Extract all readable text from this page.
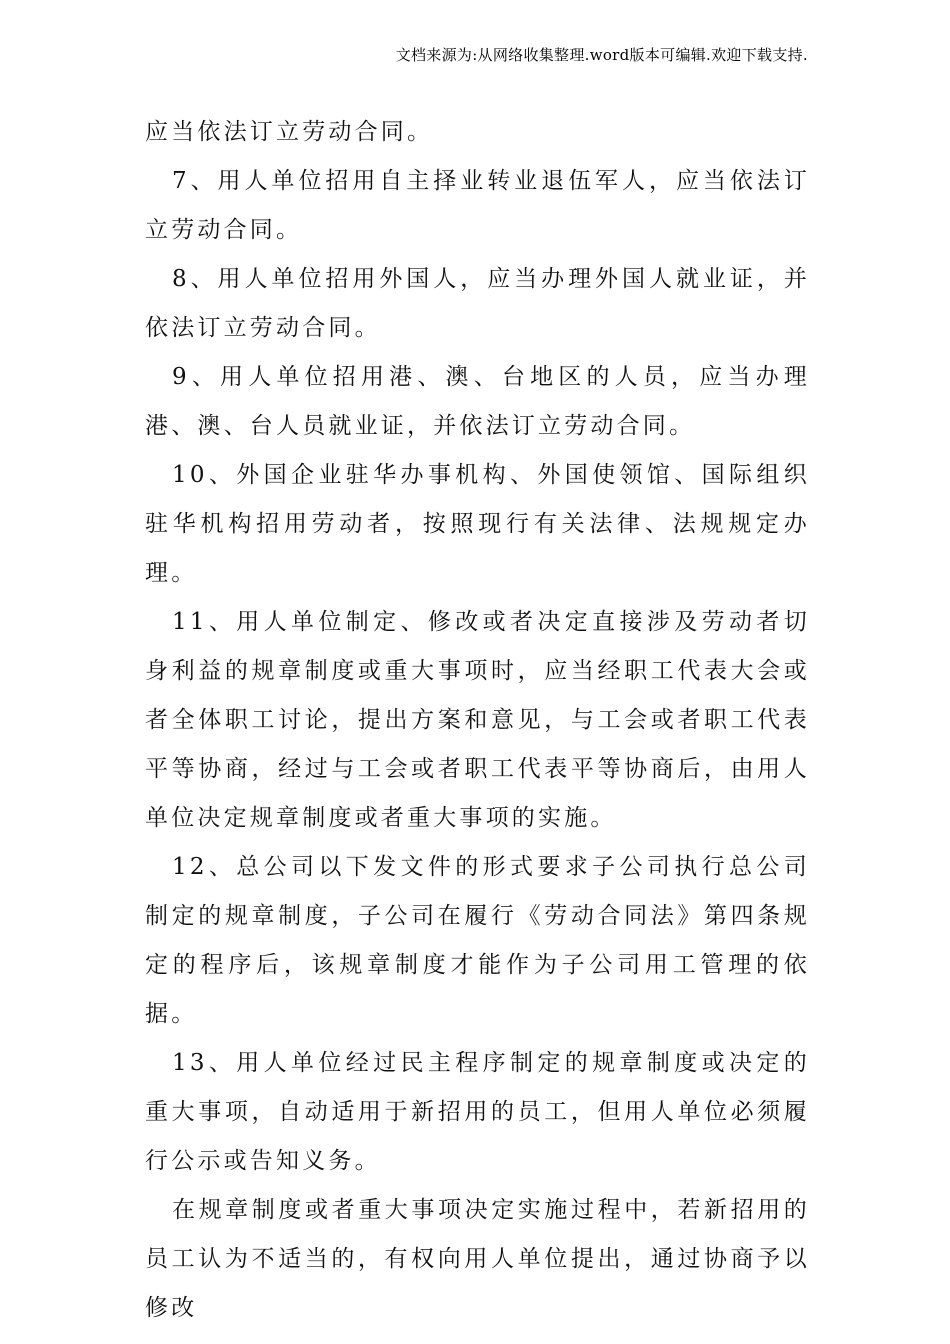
文档来源为:从网络收集整理.word版本可编辑.欢迎下载支持.

应当依法订立劳动合同。

7、用人单位招用自主择业转业退伍军人，应当依法订立劳动合同。

8、用人单位招用外国人，应当办理外国人就业证，并依法订立劳动合同。

9、用人单位招用港、澳、台地区的人员，应当办理港、澳、台人员就业证，并依法订立劳动合同。

10、外国企业驻华办事机构、外国使领馆、国际组织驻华机构招用劳动者，按照现行有关法律、法规规定办理。

11、用人单位制定、修改或者决定直接涉及劳动者切身利益的规章制度或重大事项时，应当经职工代表大会或者全体职工讨论，提出方案和意见，与工会或者职工代表平等协商，经过与工会或者职工代表平等协商后，由用人单位决定规章制度或者重大事项的实施。

12、总公司以下发文件的形式要求子公司执行总公司制定的规章制度，子公司在履行《劳动合同法》第四条规定的程序后，该规章制度才能作为子公司用工管理的依据。

13、用人单位经过民主程序制定的规章制度或决定的重大事项，自动适用于新招用的员工，但用人单位必须履行公示或告知义务。

在规章制度或者重大事项决定实施过程中，若新招用的员工认为不适当的，有权向用人单位提出，通过协商予以修改
